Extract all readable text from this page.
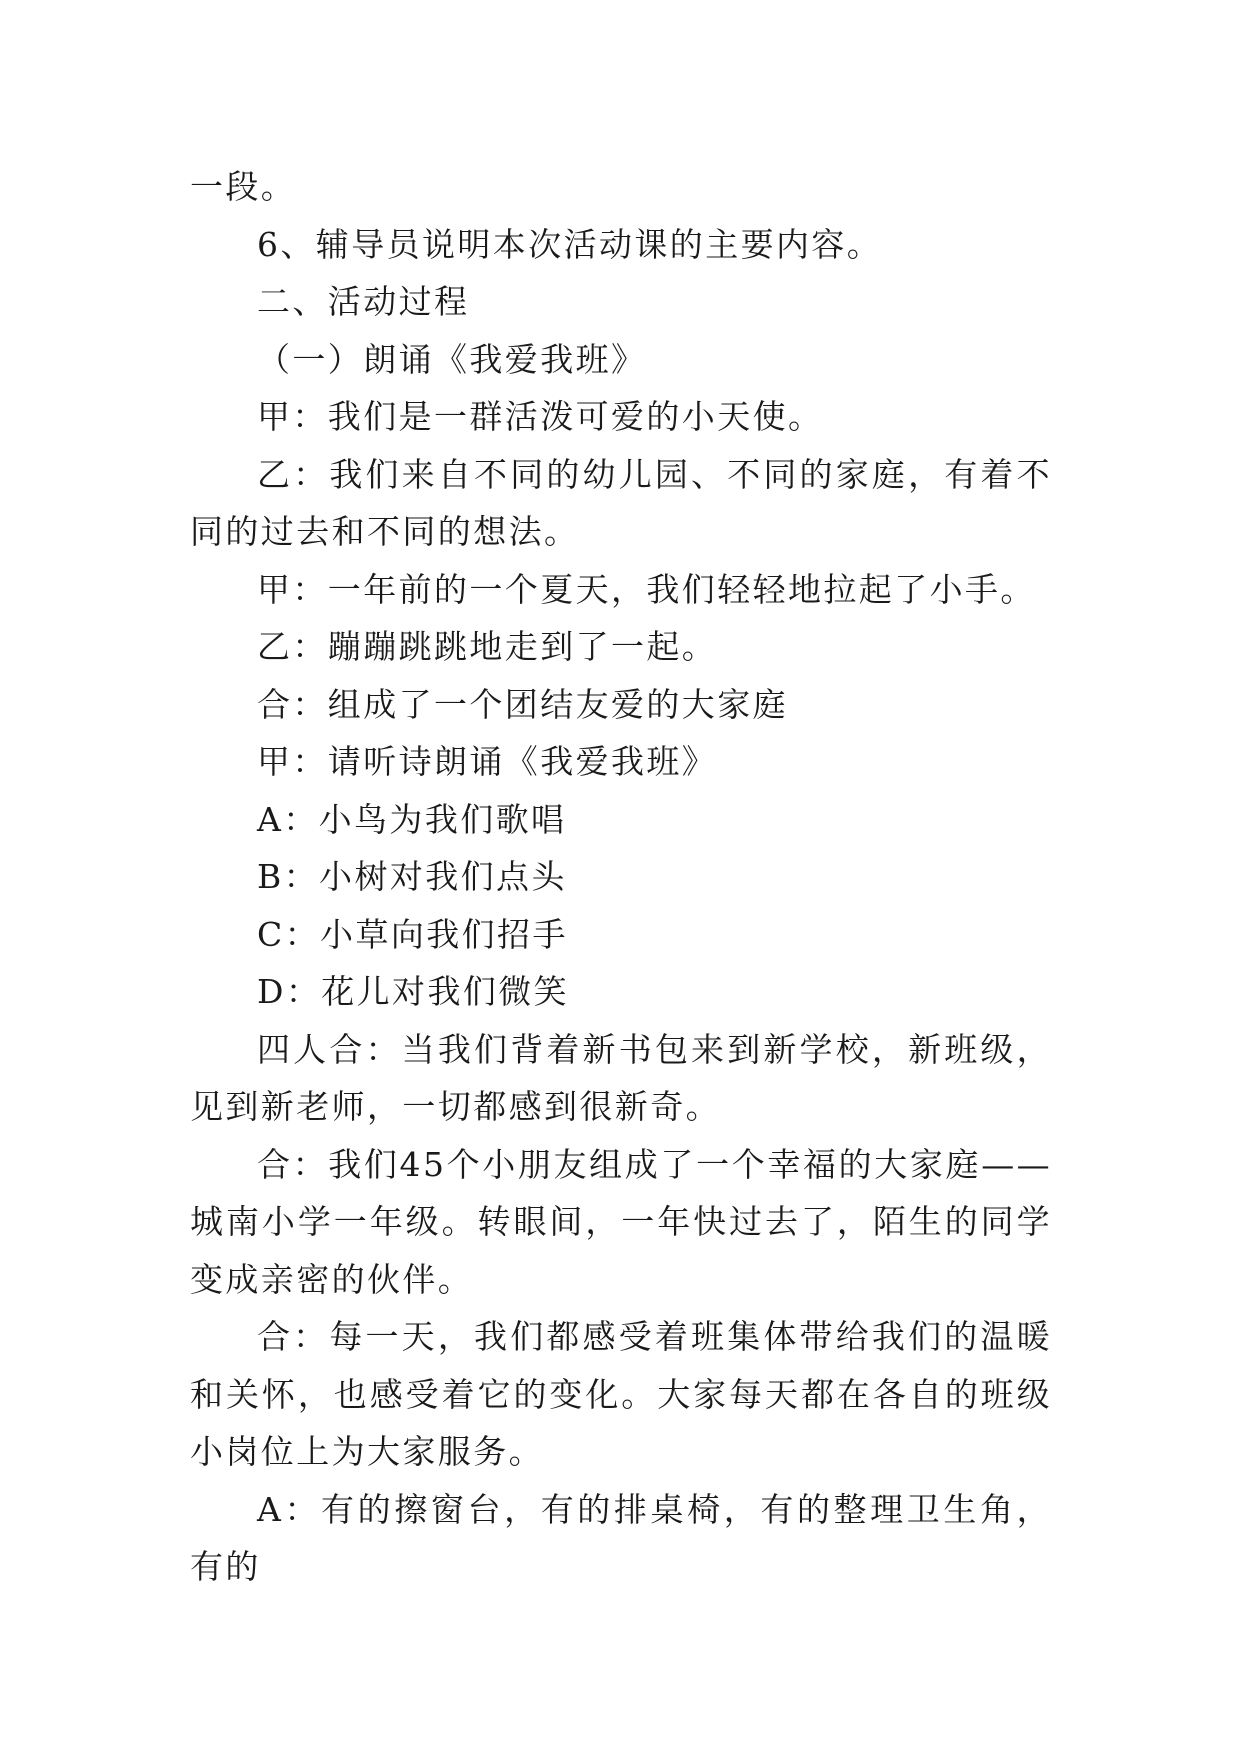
一段。

6、辅导员说明本次活动课的主要内容。

二、活动过程

（一）朗诵《我爱我班》

甲：我们是一群活泼可爱的小天使。

乙：我们来自不同的幼儿园、不同的家庭，有着不同的过去和不同的想法。

甲：一年前的一个夏天，我们轻轻地拉起了小手。

乙：蹦蹦跳跳地走到了一起。

合：组成了一个团结友爱的大家庭

甲：请听诗朗诵《我爱我班》

A：小鸟为我们歌唱

B：小树对我们点头

C：小草向我们招手

D：花儿对我们微笑

四人合：当我们背着新书包来到新学校，新班级，见到新老师，一切都感到很新奇。

合：我们45个小朋友组成了一个幸福的大家庭——城南小学一年级。转眼间，一年快过去了，陌生的同学变成亲密的伙伴。

合：每一天，我们都感受着班集体带给我们的温暖和关怀，也感受着它的变化。大家每天都在各自的班级小岗位上为大家服务。

A：有的擦窗台，有的排桌椅，有的整理卫生角，有的
